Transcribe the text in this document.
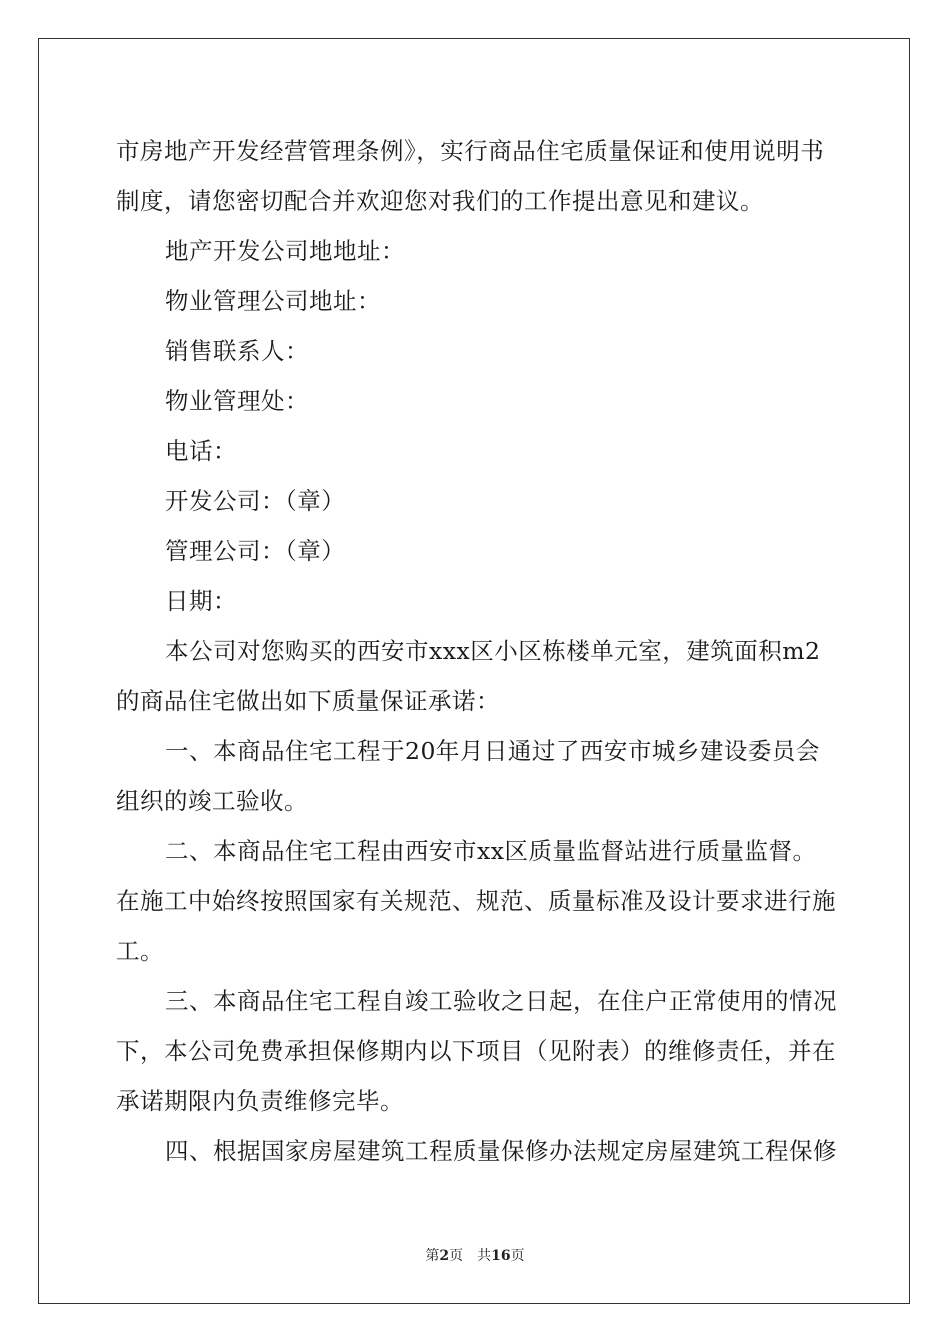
市房地产开发经营管理条例》，实行商品住宅质量保证和使用说明书
制度，请您密切配合并欢迎您对我们的工作提出意见和建议。
地产开发公司地地址：
物业管理公司地址：
销售联系人：
物业管理处：
电话：
开发公司：（章）
管理公司：（章）
日期：
本公司对您购买的西安市xxx区小区栋楼单元室，建筑面积m2
的商品住宅做出如下质量保证承诺：
一、本商品住宅工程于20年月日通过了西安市城乡建设委员会
组织的竣工验收。
二、本商品住宅工程由西安市xx区质量监督站进行质量监督。
在施工中始终按照国家有关规范、规范、质量标准及设计要求进行施
工。
三、本商品住宅工程自竣工验收之日起，在住户正常使用的情况
下，本公司免费承担保修期内以下项目（见附表）的维修责任，并在
承诺期限内负责维修完毕。
四、根据国家房屋建筑工程质量保修办法规定房屋建筑工程保修
第2页 共16页
